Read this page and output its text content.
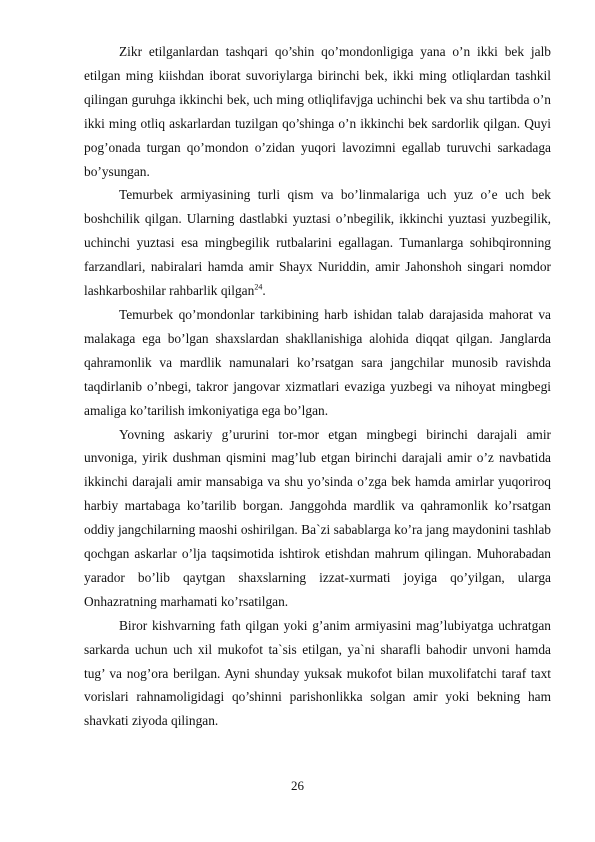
Zikr etilganlardan tashqari qo’shin qo’mondonligiga yana o’n ikki bek jalb etilgan ming kiishdan iborat suvoriylarga birinchi bek, ikki ming otliqlardan tashkil qilingan guruhga ikkinchi bek, uch ming otliqlifavjga uchinchi bek va shu tartibda o’n ikki ming otliq askarlardan tuzilgan qo’shinga o’n ikkinchi bek sardorlik qilgan. Quyi pog’onada turgan qo’mondon o’zidan yuqori lavozimni egallab turuvchi sarkadaga bo’ysungan.

Temurbek armiyasining turli qism va bo’linmalariga uch yuz o’e uch bek boshchilik qilgan. Ularning dastlabki yuztasi o’nbegilik, ikkinchi yuztasi yuzbegilik, uchinchi yuztasi esa mingbegilik rutbalarini egallagan. Tumanlarga sohibqironning farzandlari, nabiralari hamda amir Shayx Nuriddin, amir Jahonshoh singari nomdor lashkarboshilar rahbarlik qilgan$^{24}$.

Temurbek qo’mondonlar tarkibining harb ishidan talab darajasida mahorat va malakaga ega bo’lgan shaxslardan shakllanishiga alohida diqqat qilgan. Janglarda qahramonlik va mardlik namunalari ko’rsatgan sara jangchilar munosib ravishda taqdirlanib o’nbegi, takror jangovar xizmatlari evaziga yuzbegi va nihoyat mingbegi amaliga ko’tarilish imkoniyatiga ega bo’lgan.

Yovning askariy g’ururini tor-mor etgan mingbegi birinchi darajali amir unvoniga, yirik dushman qismini mag’lub etgan birinchi darajali amir o’z navbatida ikkinchi darajali amir mansabiga va shu yo’sinda o’zga bek hamda amirlar yuqoriroq harbiy martabaga ko’tarilib borgan. Janggohda mardlik va qahramonlik ko’rsatgan oddiy jangchilarning maoshi oshirilgan. Ba`zi sabablarga ko’ra jang maydonini tashlab qochgan askarlar o’lja taqsimotida ishtirok etishdan mahrum qilingan. Muhorabadan yarador bo’lib qaytgan shaxslarning izzat-xurmati joyiga qo’yilgan, ularga Onhazratning marhamati ko’rsatilgan.

Biror kishvarning fath qilgan yoki g’anim armiyasini mag’lubiyatga uchratgan sarkarda uchun uch xil mukofot ta`sis etilgan, ya`ni sharafli bahodir unvoni hamda tug’ va nog’ora berilgan. Ayni shunday yuksak mukofot bilan muxolifatchi taraf taxt vorislari rahnamoligidagi qo’shinni parishonlikka solgan amir yoki bekning ham shavkati ziyoda qilingan.

26
